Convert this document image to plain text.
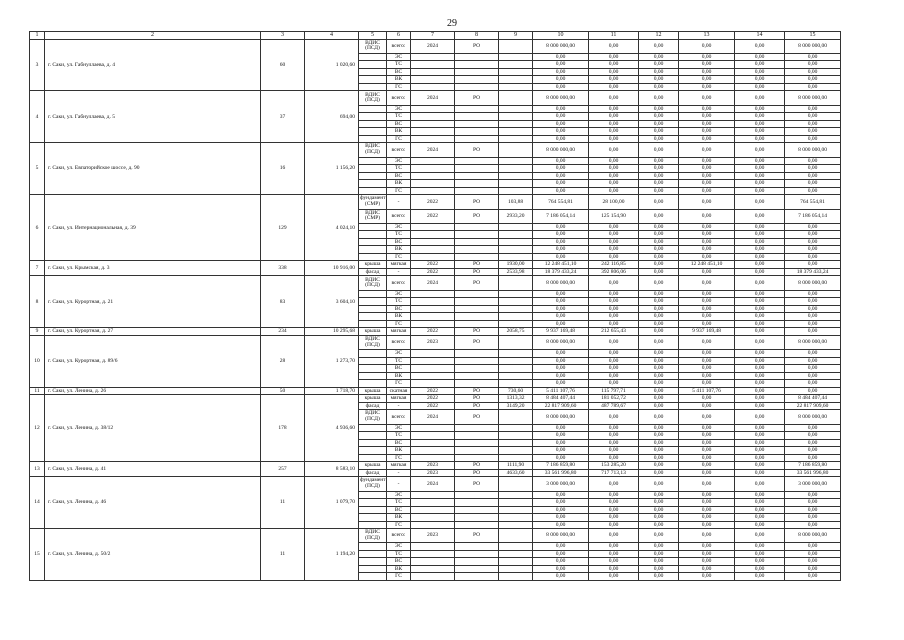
29
1	2	3	4	5	6	7	8	9	10	11	12	13	14	15
3	г. Саки, ул. Габнуллаева, д. 4	60	1 020,60	ВДИС (ПСД)	всего:	2024	РО		8 000 000,00	0,00	0,00	0,00	0,00	8 000 000,00
					ЭС				0,00	0,00	0,00	0,00	0,00	0,00
					ТС				0,00	0,00	0,00	0,00	0,00	0,00
					ВС				0,00	0,00	0,00	0,00	0,00	0,00
					ВК				0,00	0,00	0,00	0,00	0,00	0,00
					ГС				0,00	0,00	0,00	0,00	0,00	0,00
4	г. Саки, ул. Габнуллаева, д. 5	37	694,00	ВДИС (ПСД)	всего:	2024	РО		8 000 000,00	0,00	0,00	0,00	0,00	8 000 000,00
					ЭС				0,00	0,00	0,00	0,00	0,00	0,00
					ТС				0,00	0,00	0,00	0,00	0,00	0,00
					ВС				0,00	0,00	0,00	0,00	0,00	0,00
					ВК				0,00	0,00	0,00	0,00	0,00	0,00
					ГС				0,00	0,00	0,00	0,00	0,00	0,00
5	г. Саки, ул. Евпаторийское шоссе, д. 90	16	1 156,20	ВДИС (ПСД)	всего:	2024	РО		8 000 000,00	0,00	0,00	0,00	0,00	8 000 000,00
					ЭС				0,00	0,00	0,00	0,00	0,00	0,00
					ТС				0,00	0,00	0,00	0,00	0,00	0,00
					ВС				0,00	0,00	0,00	0,00	0,00	0,00
					ВК				0,00	0,00	0,00	0,00	0,00	0,00
					ГС				0,00	0,00	0,00	0,00	0,00	0,00
6	г. Саки, ул. Интернациональная, д. 39	129	4 024,10	фундамент (СМР)	-	2022	РО	103,88	764 554,81	28 100,00	0,00	0,00	0,00	764 554,81
				ВДИС (СМР)	всего:	2022	РО	2933,20	7 186 054,14	125 154,90	0,00	0,00	0,00	7 186 054,14
					ЭС				0,00	0,00	0,00	0,00	0,00	0,00
					ТС				0,00	0,00	0,00	0,00	0,00	0,00
					ВС				0,00	0,00	0,00	0,00	0,00	0,00
					ВК				0,00	0,00	0,00	0,00	0,00	0,00
					ГС				0,00	0,00	0,00	0,00	0,00	0,00
7	г. Саки, ул. Крымская, д. 3	338	10 916,00	крыша	мягкая	2022	РО	1930,00	12 248 451,10	242 116,85	0,00	12 248 451,10	0,00	0,00
				фасад	-	2022	РО	2533,98	18 379 433,24	392 806,06	0,00	0,00	0,00	18 379 433,24
8	г. Саки, ул. Курортная, д. 21	83	3 604,10	ВДИС (ПСД)	всего:	2024	РО		8 000 000,00	0,00	0,00	0,00	0,00	8 000 000,00
					ЭС				0,00	0,00	0,00	0,00	0,00	0,00
					ТС				0,00	0,00	0,00	0,00	0,00	0,00
					ВС				0,00	0,00	0,00	0,00	0,00	0,00
					ВК				0,00	0,00	0,00	0,00	0,00	0,00
					ГС				0,00	0,00	0,00	0,00	0,00	0,00
9	г. Саки, ул. Курортная, д. 27	234	10 295,68	крыша	мягкая	2022	РО	2058,75	9 937 169,48	212 655,43	0,00	9 937 169,48	0,00	0,00
10	г. Саки, ул. Курортная, д. 89/6	28	1 273,70	ВДИС (ПСД)	всего:	2023	РО		8 000 000,00	0,00	0,00	0,00	0,00	8 000 000,00
					ЭС				0,00	0,00	0,00	0,00	0,00	0,00
					ТС				0,00	0,00	0,00	0,00	0,00	0,00
					ВС				0,00	0,00	0,00	0,00	0,00	0,00
					ВК				0,00	0,00	0,00	0,00	0,00	0,00
					ГС				0,00	0,00	0,00	0,00	0,00	0,00
11	г. Саки, ул. Ленина, д. 26	50	1 718,70	крыша	скатная	2022	РО	730,60	5 411 107,76	115 797,71	0,00	5 411 107,76	0,00	0,00
12	г. Саки, ул. Ленина, д. 38/12	178	4 936,60	крыша	мягкая	2022	РО	1313,32	8 484 407,44	181 052,72	0,00	0,00	0,00	8 484 407,44
				фасад	-	2022	РО	3149,20	22 817 909,60	487 789,67	0,00	0,00	0,00	22 817 909,60
				ВДИС (ПСД)	всего:	2024	РО		8 000 000,00	0,00	0,00	0,00	0,00	8 000 000,00
					ЭС				0,00	0,00	0,00	0,00	0,00	0,00
					ТС				0,00	0,00	0,00	0,00	0,00	0,00
					ВС				0,00	0,00	0,00	0,00	0,00	0,00
					ВК				0,00	0,00	0,00	0,00	0,00	0,00
					ГС				0,00	0,00	0,00	0,00	0,00	0,00
13	г. Саки, ул. Ленина, д. 41	257	8 583,10	крыша	мягкая	2023	РО	1111,90	7 186 859,80	153 285,20	0,00	0,00	0,00	7 186 859,80
				фасад	-	2023	РО	4633,60	33 561 996,80	717 713,13	0,00	0,00	0,00	33 561 996,80
14	г. Саки, ул. Ленина, д. 46	11	1 079,70	фундамент (ПСД)	-	2024	РО		3 000 000,00	0,00	0,00	0,00	0,00	3 000 000,00
					ЭС				0,00	0,00	0,00	0,00	0,00	0,00
					ТС				0,00	0,00	0,00	0,00	0,00	0,00
					ВС				0,00	0,00	0,00	0,00	0,00	0,00
					ВК				0,00	0,00	0,00	0,00	0,00	0,00
					ГС				0,00	0,00	0,00	0,00	0,00	0,00
15	г. Саки, ул. Ленина, д. 50/2	11	1 194,20	ВДИС (ПСД)	всего:	2023	РО		8 000 000,00	0,00	0,00	0,00	0,00	8 000 000,00
					ЭС				0,00	0,00	0,00	0,00	0,00	0,00
					ТС				0,00	0,00	0,00	0,00	0,00	0,00
					ВС				0,00	0,00	0,00	0,00	0,00	0,00
					ВК				0,00	0,00	0,00	0,00	0,00	0,00
					ГС				0,00	0,00	0,00	0,00	0,00	0,00
